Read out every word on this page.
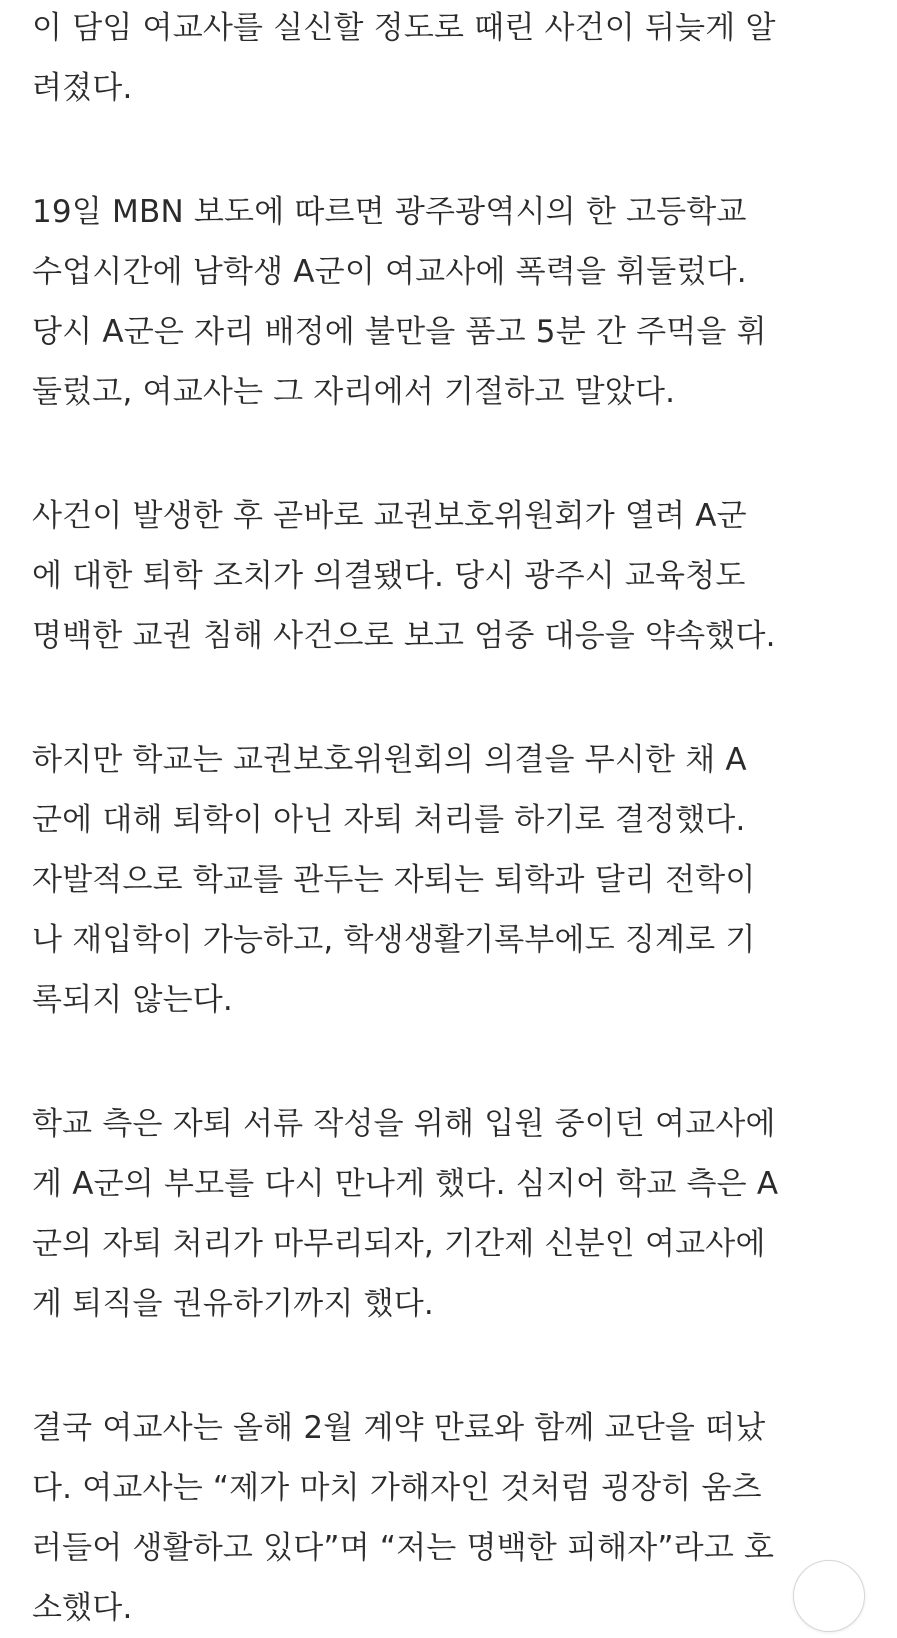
이 담임 여교사를 실신할 정도로 때린 사건이 뒤늦게 알
려졌다.
19일 MBN 보도에 따르면 광주광역시의 한 고등학교
수업시간에 남학생 A군이 여교사에 폭력을 휘둘렀다.
당시 A군은 자리 배정에 불만을 품고 5분 간 주먹을 휘
둘렀고, 여교사는 그 자리에서 기절하고 말았다.
사건이 발생한 후 곧바로 교권보호위원회가 열려 A군
에 대한 퇴학 조치가 의결됐다. 당시 광주시 교육청도
명백한 교권 침해 사건으로 보고 엄중 대응을 약속했다.
하지만 학교는 교권보호위원회의 의결을 무시한 채 A
군에 대해 퇴학이 아닌 자퇴 처리를 하기로 결정했다.
자발적으로 학교를 관두는 자퇴는 퇴학과 달리 전학이
나 재입학이 가능하고, 학생생활기록부에도 징계로 기
록되지 않는다.
학교 측은 자퇴 서류 작성을 위해 입원 중이던 여교사에
게 A군의 부모를 다시 만나게 했다. 심지어 학교 측은 A
군의 자퇴 처리가 마무리되자, 기간제 신분인 여교사에
게 퇴직을 권유하기까지 했다.
결국 여교사는 올해 2월 계약 만료와 함께 교단을 떠났
다. 여교사는 “제가 마치 가해자인 것처럼 굉장히 움츠
러들어 생활하고 있다”며 “저는 명백한 피해자”라고 호
소했다.
